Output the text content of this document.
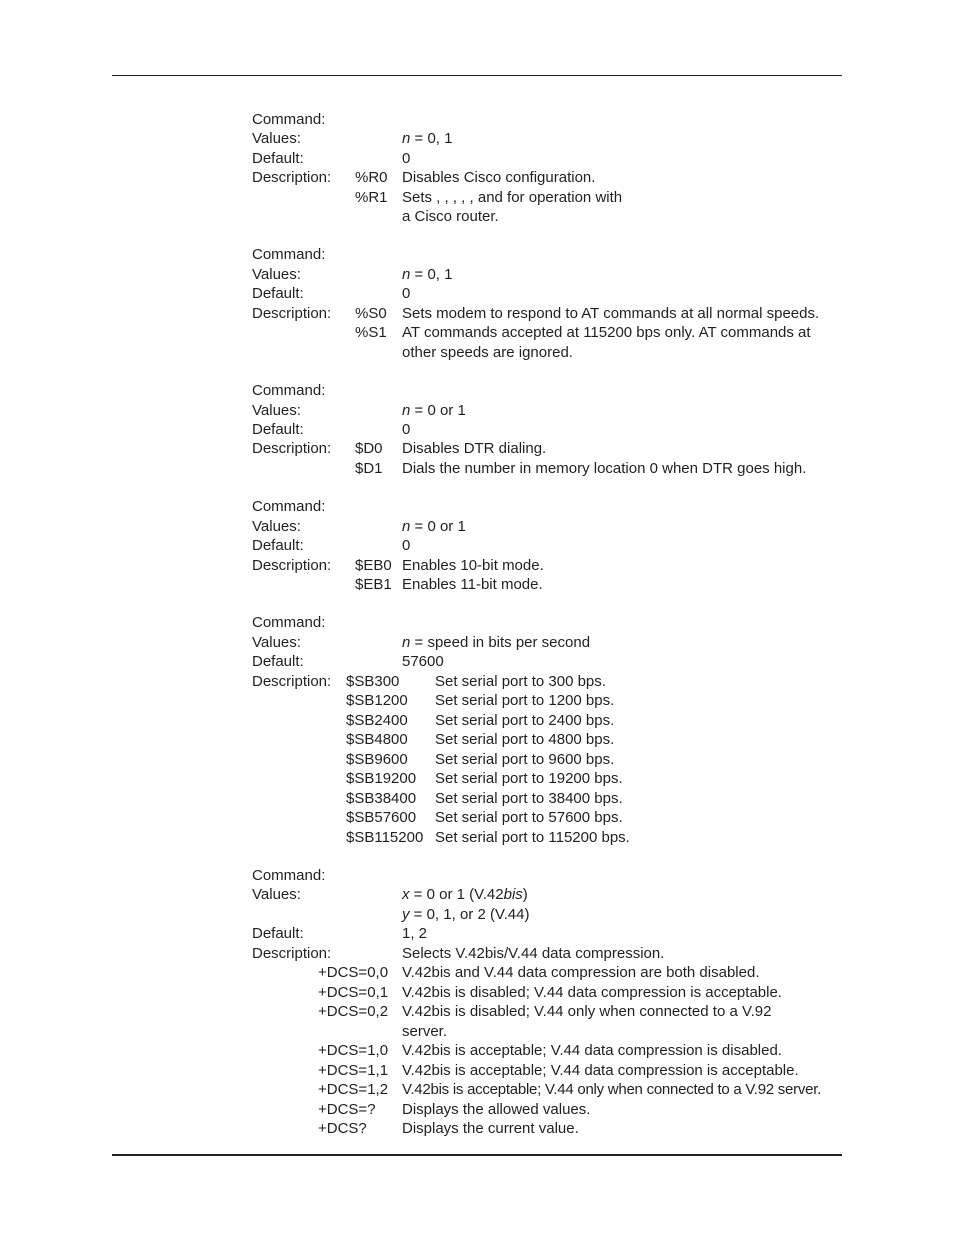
Command:
Values:	n = 0, 1
Default:	0
Description: %R0 Disables Cisco configuration.
%R1 Sets , , , , , and for operation with
a Cisco router.
Command:
Values:	n = 0, 1
Default:	0
Description: %S0 Sets modem to respond to AT commands at all normal speeds.
%S1 AT commands accepted at 115200 bps only. AT commands at
other speeds are ignored.
Command:
Values:	n = 0 or 1
Default:	0
Description: $D0 Disables DTR dialing.
$D1 Dials the number in memory location 0 when DTR goes high.
Command:
Values:	n = 0 or 1
Default:	0
Description: $EB0 Enables 10-bit mode.
$EB1 Enables 11-bit mode.
Command:
Values:	n = speed in bits per second
Default:	57600
Description: $SB300 Set serial port to 300 bps.
$SB1200 Set serial port to 1200 bps.
$SB2400 Set serial port to 2400 bps.
$SB4800 Set serial port to 4800 bps.
$SB9600 Set serial port to 9600 bps.
$SB19200 Set serial port to 19200 bps.
$SB38400 Set serial port to 38400 bps.
$SB57600 Set serial port to 57600 bps.
$SB115200 Set serial port to 115200 bps.
Command:
Values:	x = 0 or 1 (V.42bis)
y = 0, 1, or 2 (V.44)
Default:	1, 2
Description:	Selects V.42bis/V.44 data compression.
+DCS=0,0 V.42bis and V.44 data compression are both disabled.
+DCS=0,1 V.42bis is disabled; V.44 data compression is acceptable.
+DCS=0,2 V.42bis is disabled; V.44 only when connected to a V.92
server.
+DCS=1,0 V.42bis is acceptable; V.44 data compression is disabled.
+DCS=1,1 V.42bis is acceptable; V.44 data compression is acceptable.
+DCS=1,2 V.42bis is acceptable; V.44 only when connected to a V.92 server.
+DCS=? Displays the allowed values.
+DCS? Displays the current value.
